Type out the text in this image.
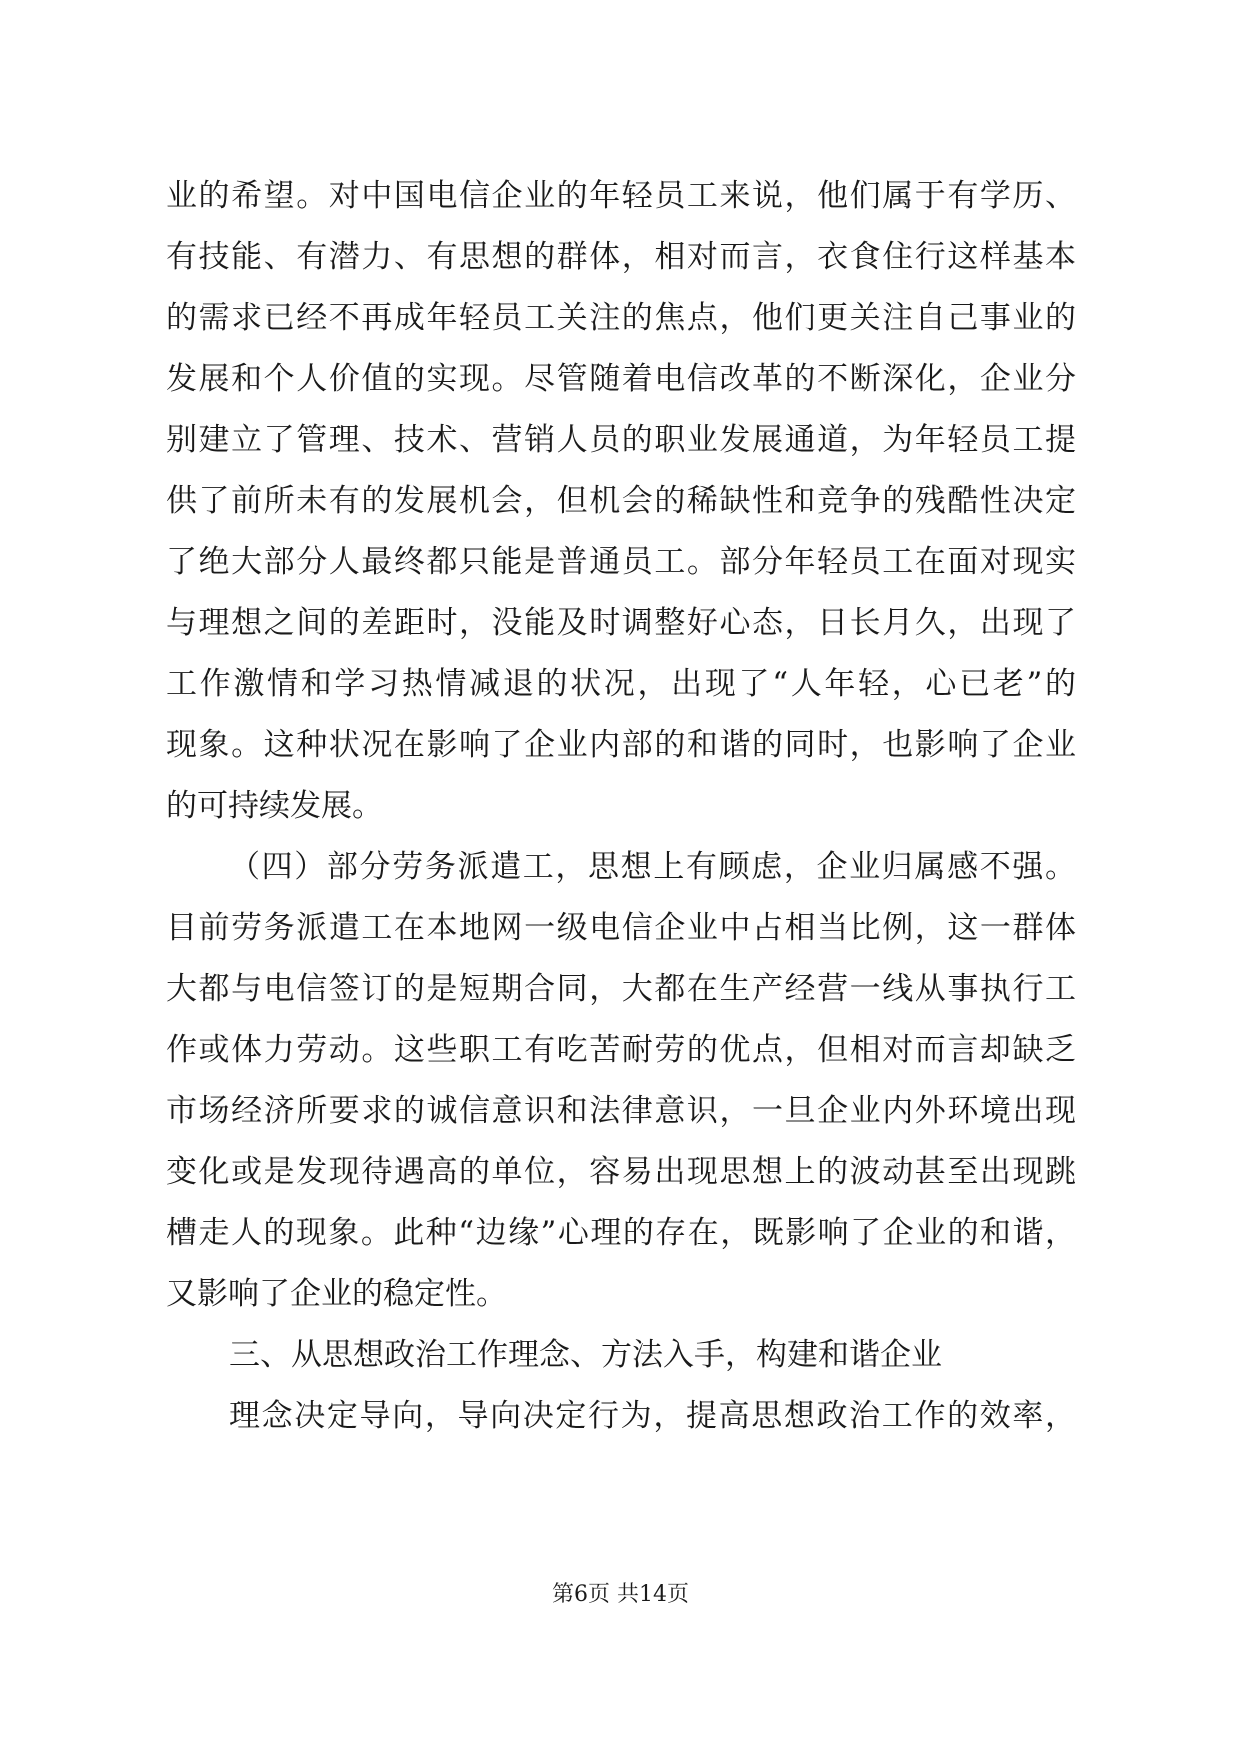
业的希望。对中国电信企业的年轻员工来说，他们属于有学历、
有技能、有潜力、有思想的群体，相对而言，衣食住行这样基本
的需求已经不再成年轻员工关注的焦点，他们更关注自己事业的
发展和个人价值的实现。尽管随着电信改革的不断深化，企业分
别建立了管理、技术、营销人员的职业发展通道，为年轻员工提
供了前所未有的发展机会，但机会的稀缺性和竞争的残酷性决定
了绝大部分人最终都只能是普通员工。部分年轻员工在面对现实
与理想之间的差距时，没能及时调整好心态，日长月久，出现了
工作激情和学习热情减退的状况，出现了“人年轻，心已老”的
现象。这种状况在影响了企业内部的和谐的同时，也影响了企业
的可持续发展。
（四）部分劳务派遣工，思想上有顾虑，企业归属感不强。
目前劳务派遣工在本地网一级电信企业中占相当比例，这一群体
大都与电信签订的是短期合同，大都在生产经营一线从事执行工
作或体力劳动。这些职工有吃苦耐劳的优点，但相对而言却缺乏
市场经济所要求的诚信意识和法律意识，一旦企业内外环境出现
变化或是发现待遇高的单位，容易出现思想上的波动甚至出现跳
槽走人的现象。此种“边缘”心理的存在，既影响了企业的和谐，
又影响了企业的稳定性。
三、从思想政治工作理念、方法入手，构建和谐企业
理念决定导向，导向决定行为，提高思想政治工作的效率，
第6页 共14页
